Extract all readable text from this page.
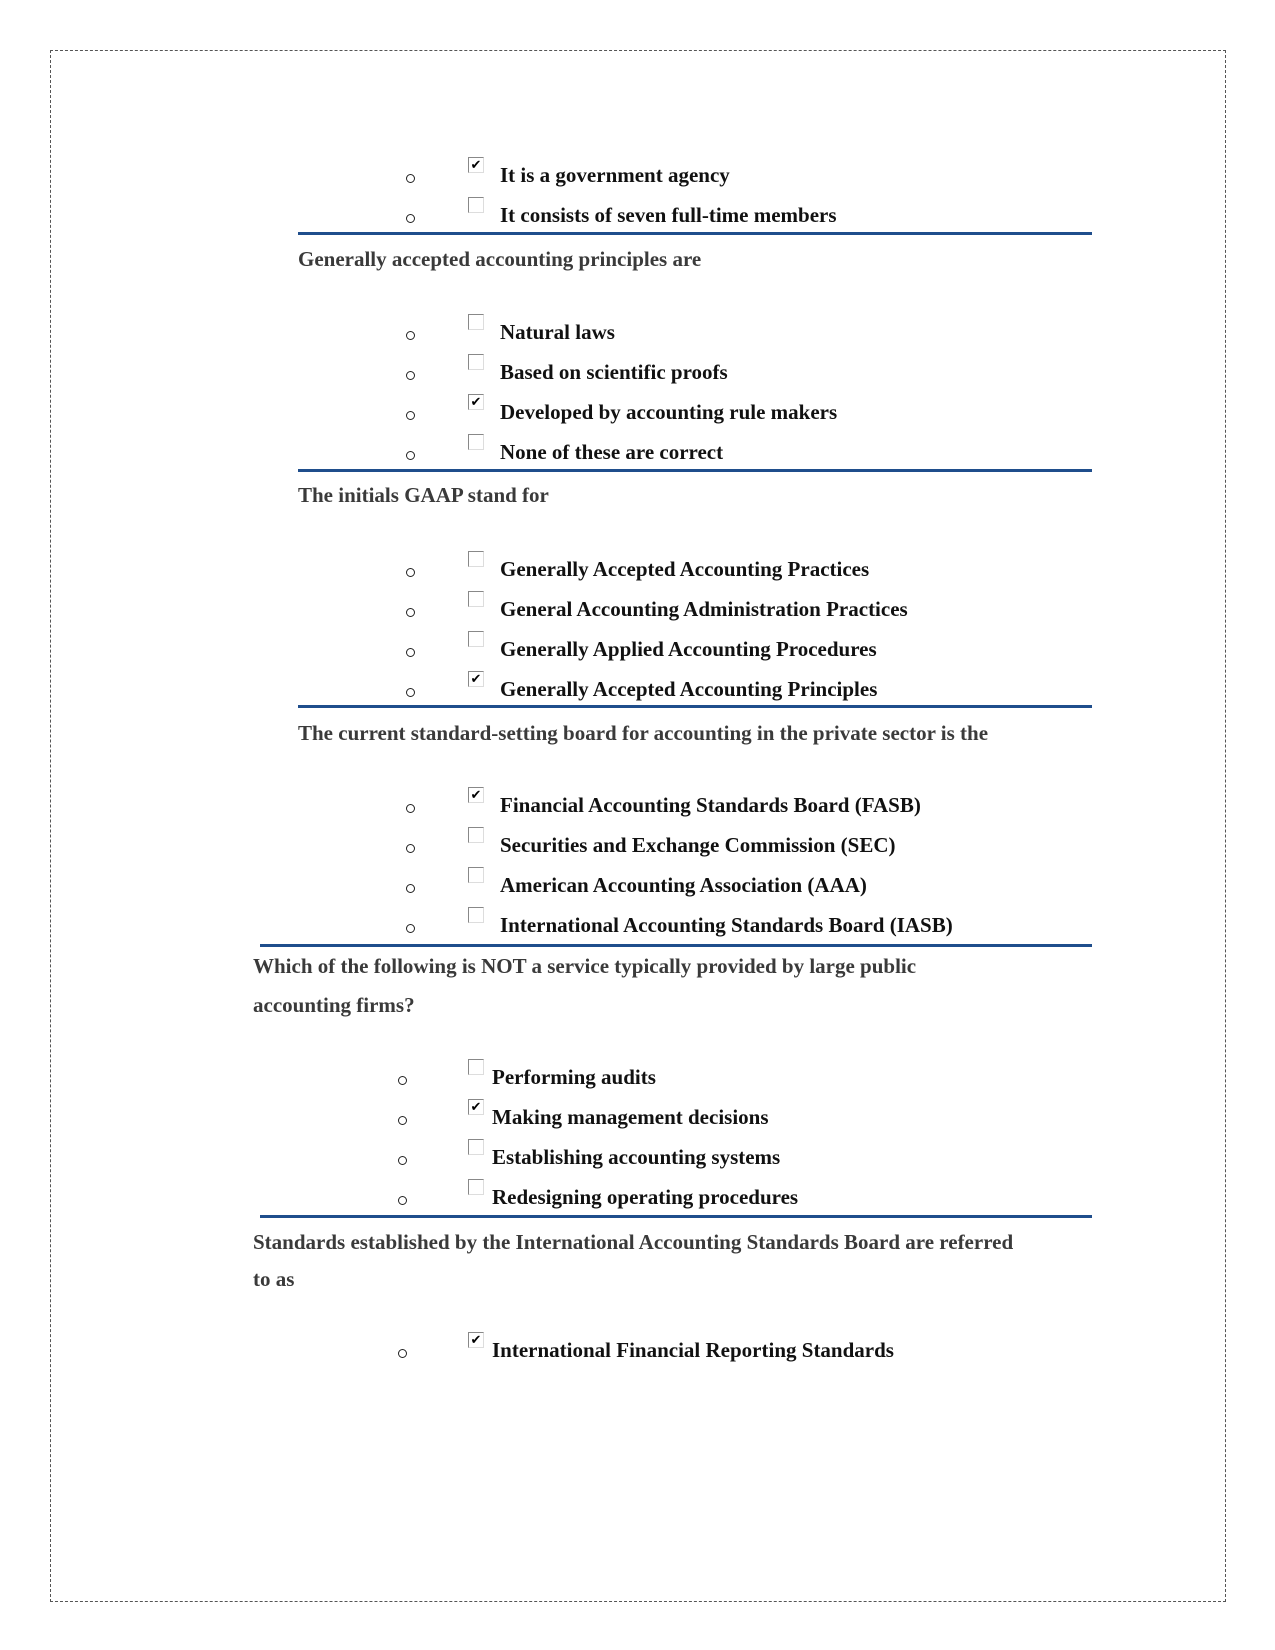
✔ It is a government agency
It consists of seven full-time members
Generally accepted accounting principles are
Natural laws
Based on scientific proofs
✔ Developed by accounting rule makers
None of these are correct
The initials GAAP stand for
Generally Accepted Accounting Practices
General Accounting Administration Practices
Generally Applied Accounting Procedures
✔ Generally Accepted Accounting Principles
The current standard-setting board for accounting in the private sector is the
✔ Financial Accounting Standards Board (FASB)
Securities and Exchange Commission (SEC)
American Accounting Association (AAA)
International Accounting Standards Board (IASB)
Which of the following is NOT a service typically provided by large public
accounting firms?
Performing audits
✔ Making management decisions
Establishing accounting systems
Redesigning operating procedures
Standards established by the International Accounting Standards Board are referred
to as
✔ International Financial Reporting Standards
